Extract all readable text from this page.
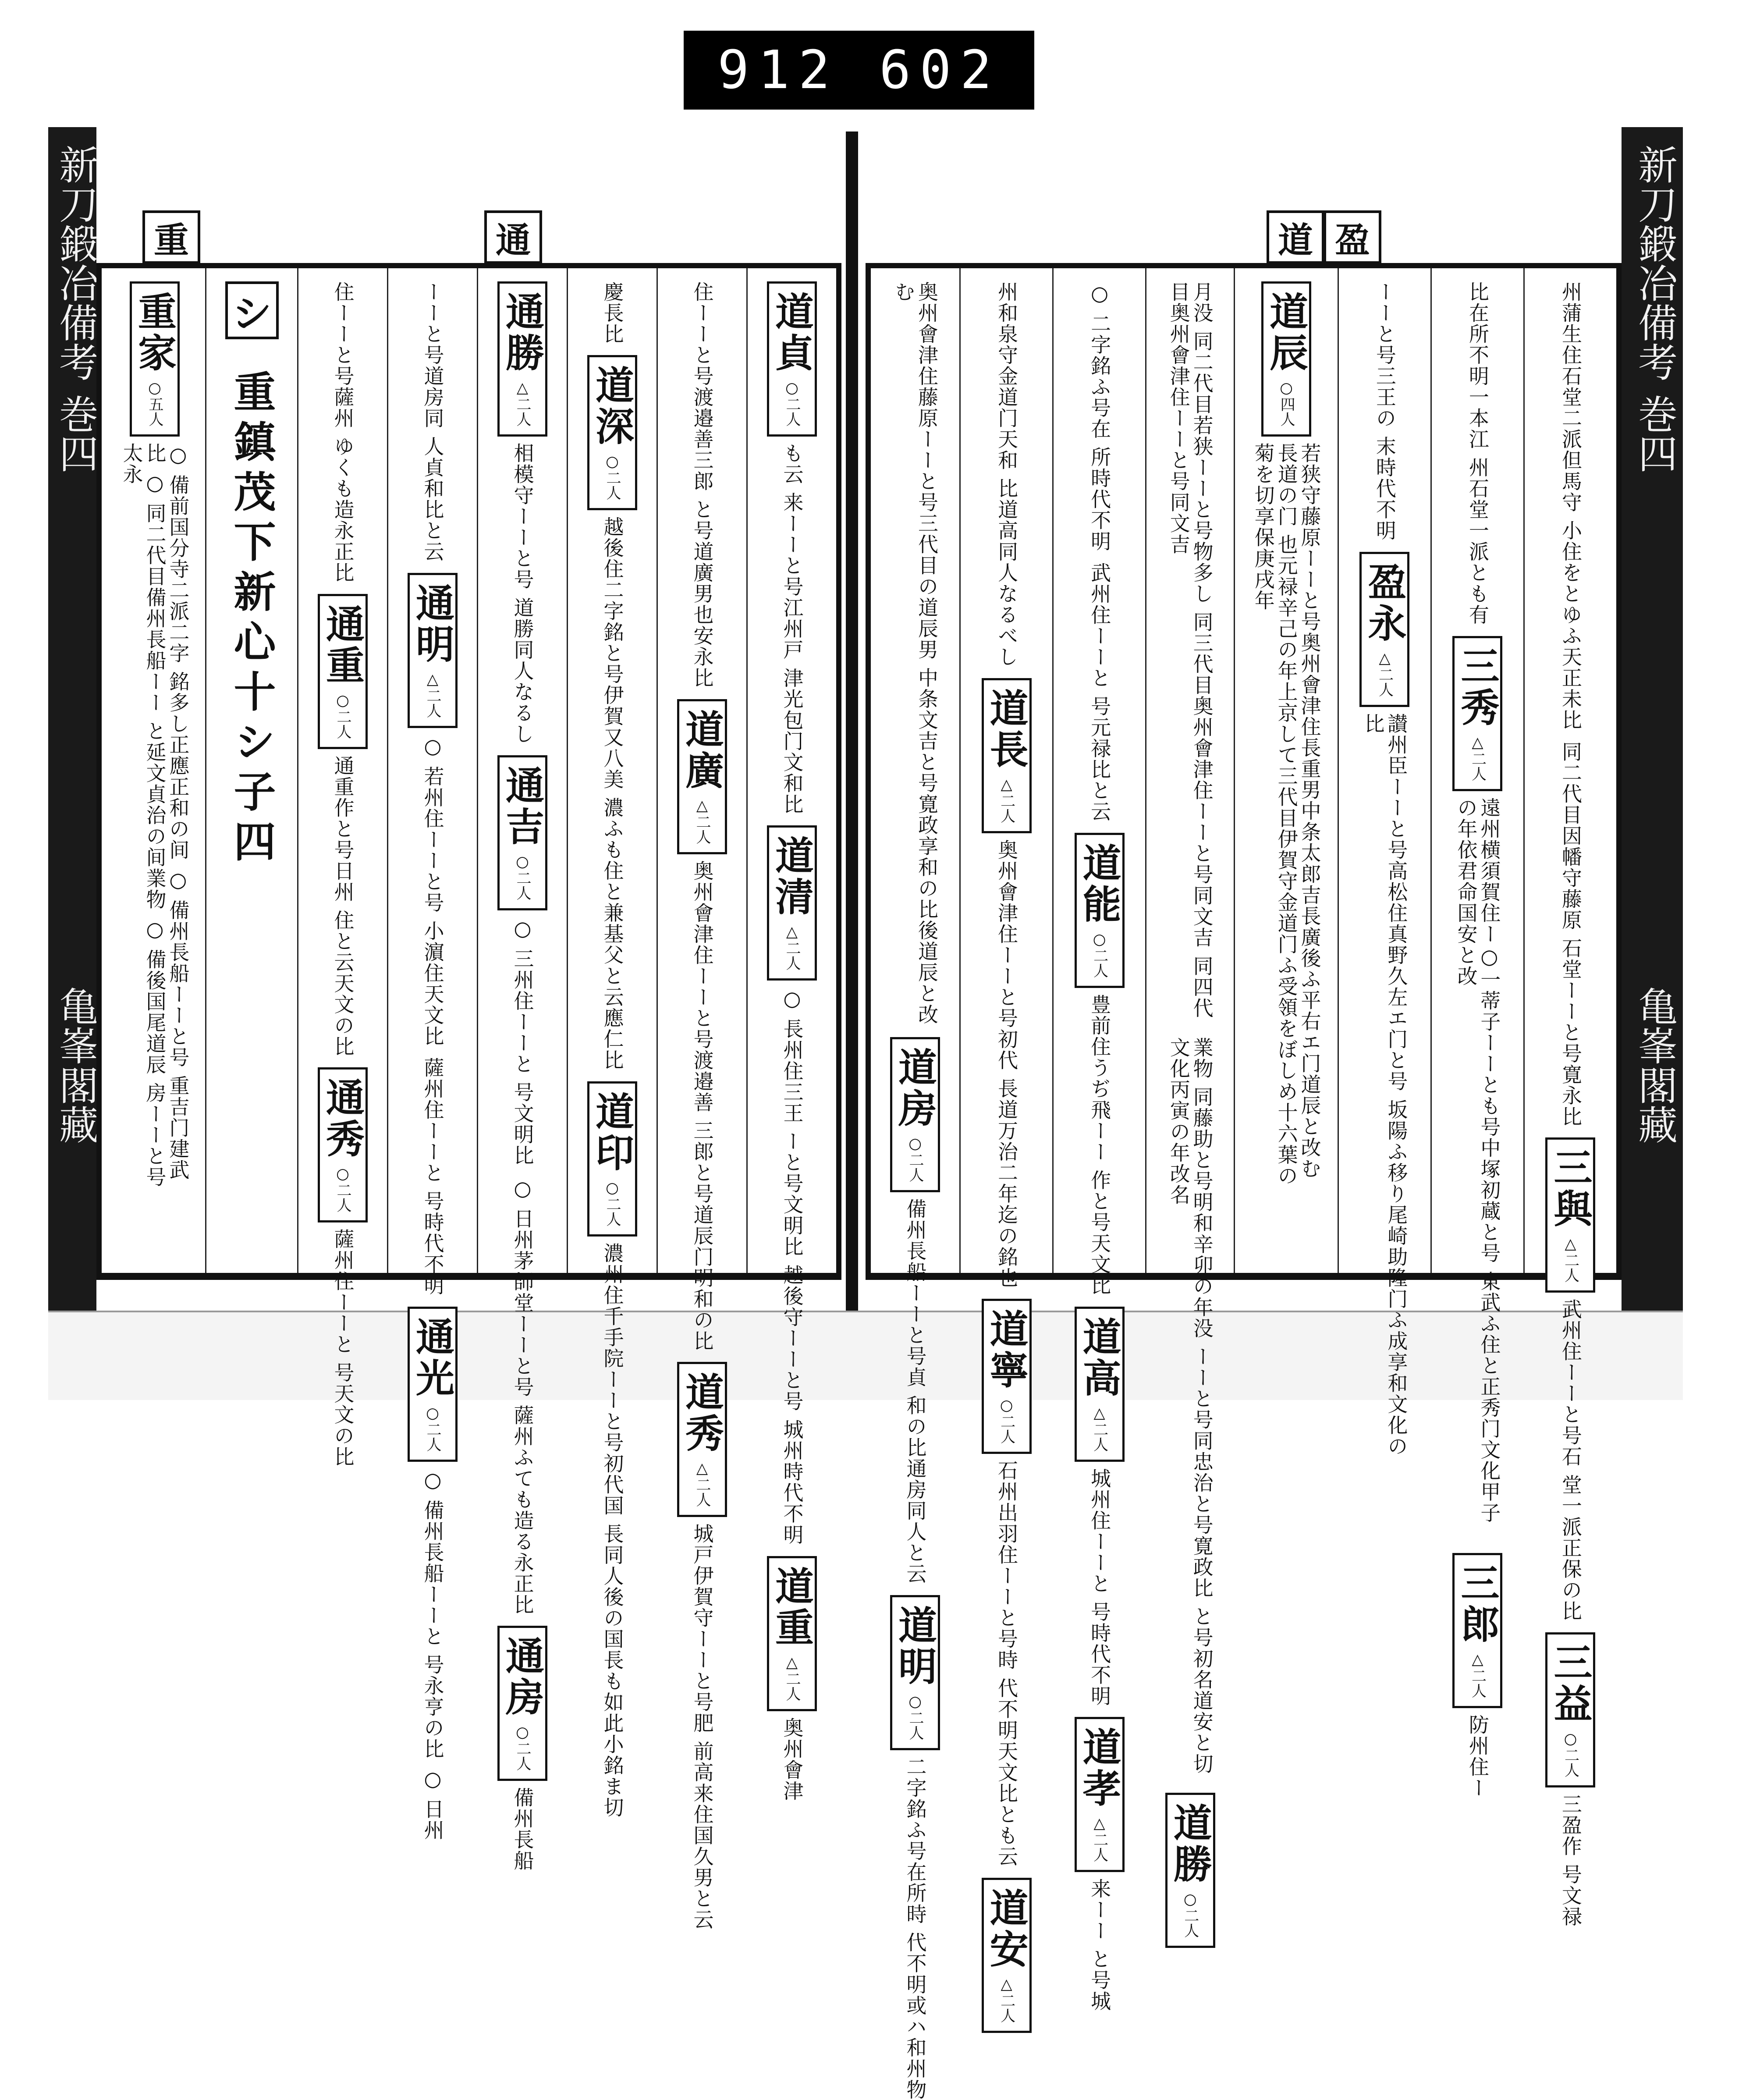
912 602
新刀鍛冶備考 巻四
亀峯閣藏
新刀鍛冶備考 巻四
亀峯閣藏
重	通
道貞
○二人
も云 来ーーと号江州戸 津光包门文和比
道清
△二人
○ 長州住三王 ーと号文明比 越後守ーーと号 城州時代不明
道重
△二人
奥州會津
住ーーと号渡邉善三郎 と号道廣男也安永比
道廣
△二人
奥州會津住ーーと号渡邉善 三郎と号道辰门明和の比
道秀
△二人
城戸伊賀守ーーと号肥 前高来住国久男と云
慶長比
道深
○二人
越後住二字銘と号伊賀又八美 濃ふも住と兼基父と云應仁比
道印
○二人
濃州住千手院ーーと号初代国 長同人後の国長も如此小銘ま切
通勝
△二人
相模守ーーと号 道勝同人なるし
通吉
○二人
○ 三州住ーーと 号文明比
○ 日州茅師堂ーーと号 薩州ふても造る永正比
通房
○二人
備州長船
ーーと号道房同 人貞和比と云
通明
△二人
○ 若州住ーーと号 小濵住天文比
薩州住ーーと 号時代不明
通光
○二人
○ 備州長船ーーと 号永亨の比 ○ 日州
住ーーと号薩州 ゆくも造永正比
通重
○二人
通重作と号日州 住と云天文の比
通秀
○二人
薩州住ーーと 号天文の比
シ
重鎮茂下新心十シ子四
重家
○五人
○ 備前国分寺二派二字 銘多し正應正和の间 ○ 備州長船ーーと号 重吉门建武比 ○ 同二代目備州長船ーー と延文貞治の间業物 ○ 備後国尾道辰 房ーーと号太永
道 盈
州蒲生住石堂二派但馬守 小住をとゆふ天正未比
同二代目因幡守藤原 石堂ーーと号寛永比
三與
△二人
武州住ーーと号石 堂一派正保の比
三益
○二人
三盈作 号文禄
比在所不明一本江 州石堂一派とも有
三秀
△二人
遠州横須賀住ー○一蒂子ーーとも号中塚初蔵と号 東武ふ住と正秀门文化甲子の年依君命国安と改
三郎
△二人
防州住ー
ーーと号三王の 末時代不明
盈永
△二人
讃州臣ーーと号高松住真野久左エ门と号 坂陽ふ移り尾崎助隆门ふ成享和文化の比
道辰
○四人
若狭守藤原ーーと号奥州會津住長重男中条太郎吉長廣後ふ平右エ门道辰と改む長道の门 也元禄辛己の年上京して三代目伊賀守金道门ふ受領をぼしめ十六葉の菊を切享保庚戌年
月没 同二代目若狭ーーと号物多し 同三代目奥州會津住ーーと号同文吉 同四代目奥州會津住ーーと号同文吉
業物 同藤助と号明和辛卯の年没 ーーと号同忠治と号寛政比 と号初名道安と切文化丙寅の年改名
道勝
○二人
○ 二字銘ふ号在 所時代不明
武州住ーーと 号元禄比と云
道能
○二人
豊前住うぢ飛ーー 作と号天文比
道高
△二人
城州住ーーと 号時代不明
道孝
△二人
来ーー と号城
州和泉守金道门天和 比道高同人なるべし
道長
△二人
奥州會津住ーーと号初代 長道万治二年迄の銘也
道寧
○二人
石州出羽住ーーと号時 代不明天文比とも云
道安
△二人
奥州會津住藤原ーーと号三代目の道辰男 中条文吉と号寛政享和の比後道辰と改む
道房
○二人
備州長船ーーと号貞 和の比通房同人と云
道明
○二人
二字銘ふ号在所時 代不明或ハ和州物
